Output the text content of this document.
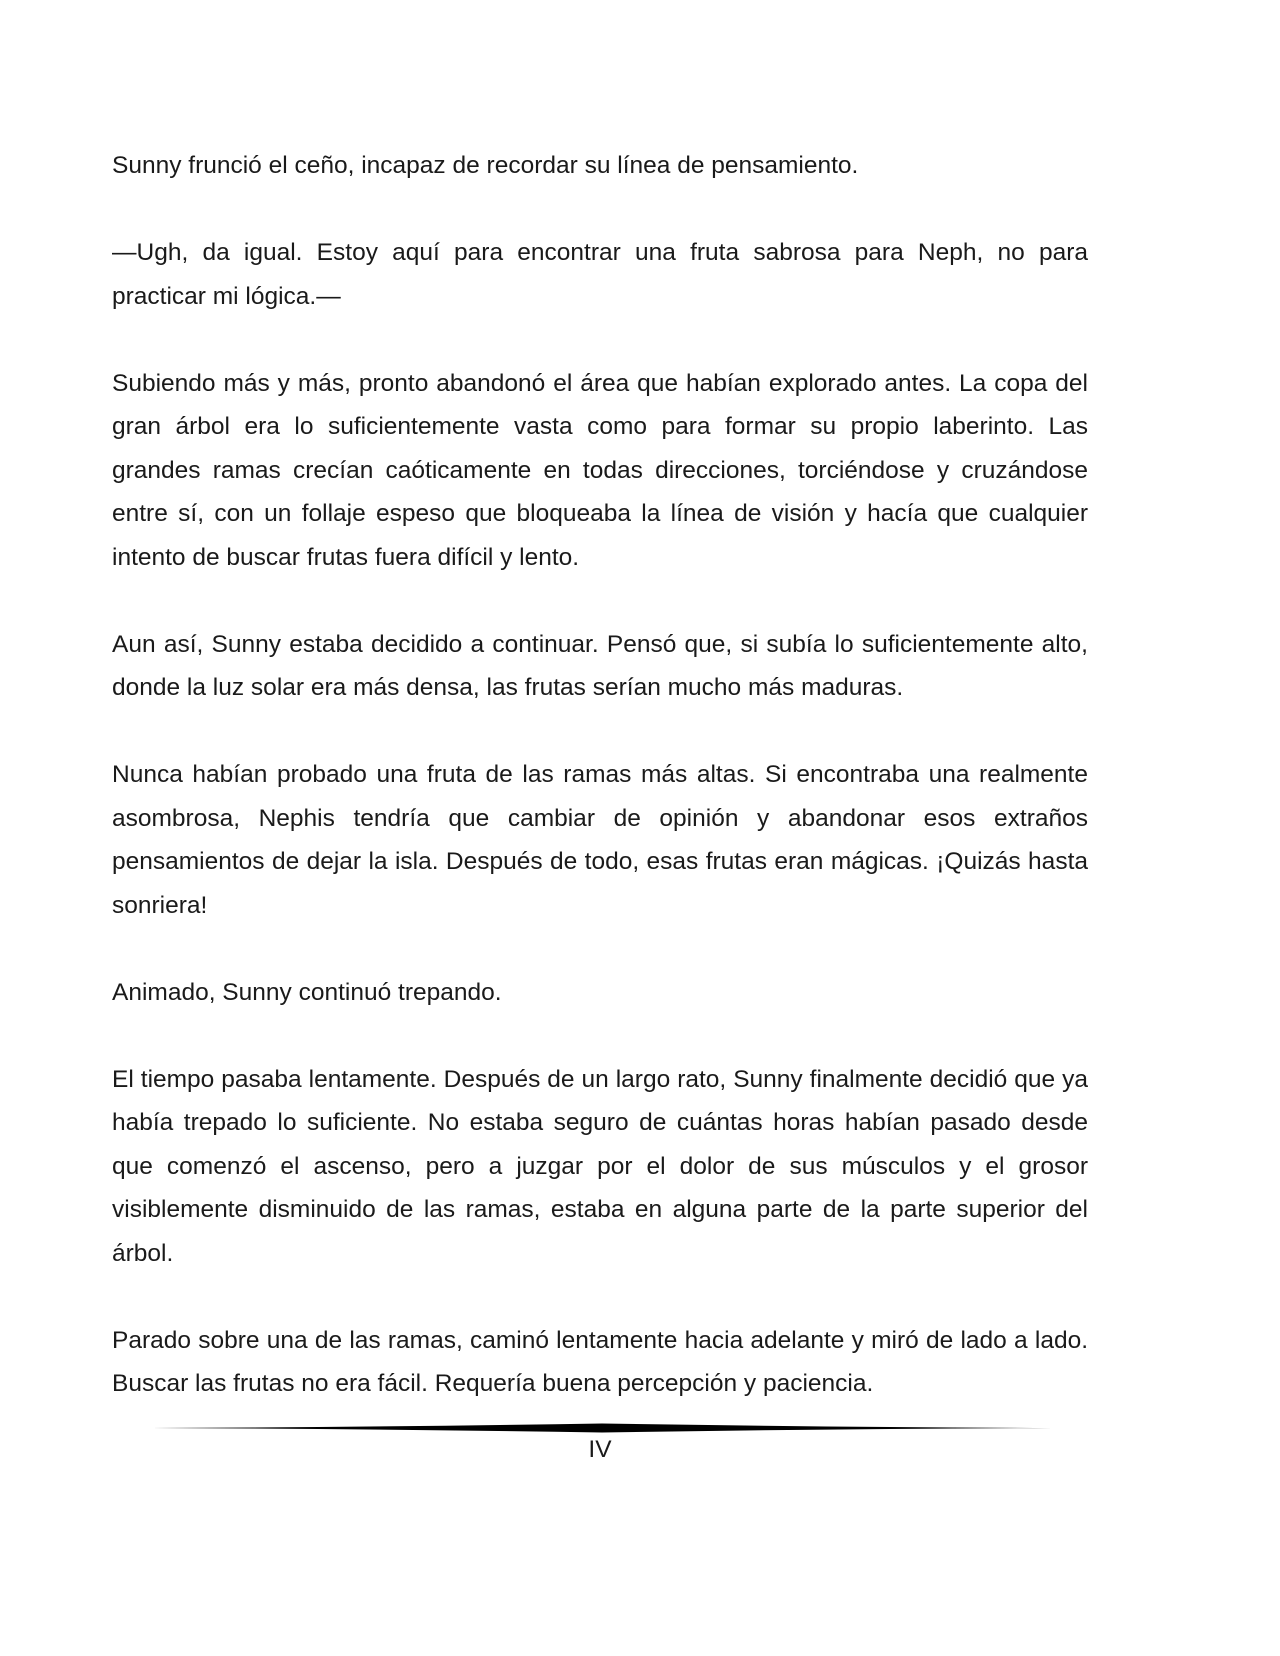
Sunny frunció el ceño, incapaz de recordar su línea de pensamiento.

—Ugh, da igual. Estoy aquí para encontrar una fruta sabrosa para Neph, no para practicar mi lógica.—

Subiendo más y más, pronto abandonó el área que habían explorado antes. La copa del gran árbol era lo suficientemente vasta como para formar su propio laberinto. Las grandes ramas crecían caóticamente en todas direcciones, torciéndose y cruzándose entre sí, con un follaje espeso que bloqueaba la línea de visión y hacía que cualquier intento de buscar frutas fuera difícil y lento.

Aun así, Sunny estaba decidido a continuar. Pensó que, si subía lo suficientemente alto, donde la luz solar era más densa, las frutas serían mucho más maduras.

Nunca habían probado una fruta de las ramas más altas. Si encontraba una realmente asombrosa, Nephis tendría que cambiar de opinión y abandonar esos extraños pensamientos de dejar la isla. Después de todo, esas frutas eran mágicas. ¡Quizás hasta sonriera!

Animado, Sunny continuó trepando.

El tiempo pasaba lentamente. Después de un largo rato, Sunny finalmente decidió que ya había trepado lo suficiente. No estaba seguro de cuántas horas habían pasado desde que comenzó el ascenso, pero a juzgar por el dolor de sus músculos y el grosor visiblemente disminuido de las ramas, estaba en alguna parte de la parte superior del árbol.

Parado sobre una de las ramas, caminó lentamente hacia adelante y miró de lado a lado. Buscar las frutas no era fácil. Requería buena percepción y paciencia.

IV
